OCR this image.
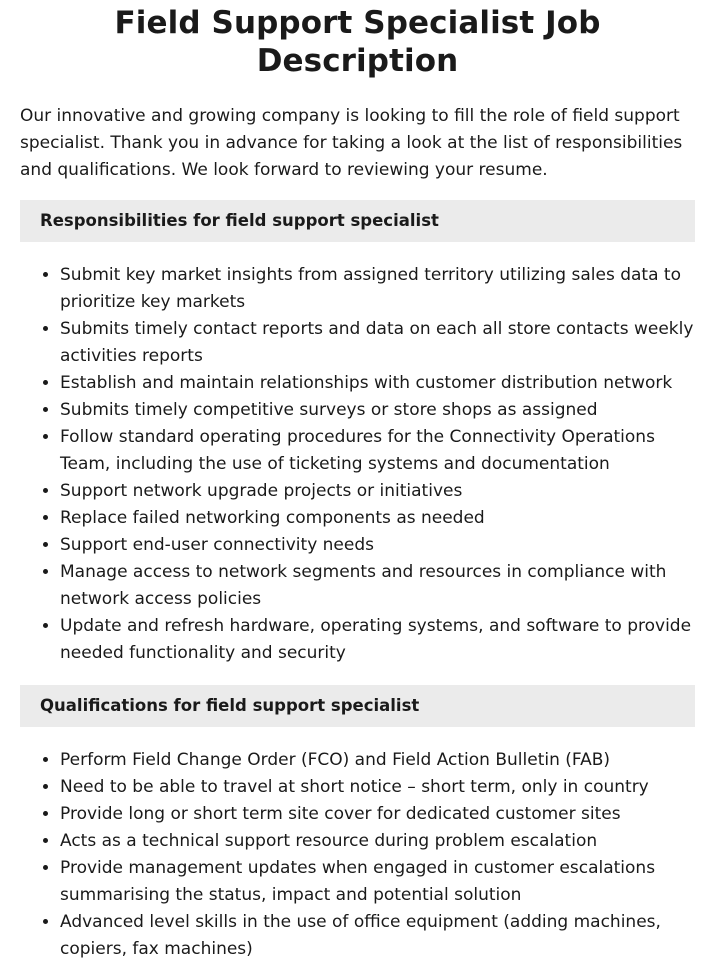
Field Support Specialist Job Description

Our innovative and growing company is looking to fill the role of field support specialist. Thank you in advance for taking a look at the list of responsibilities and qualifications. We look forward to reviewing your resume.

Responsibilities for field support specialist
• Submit key market insights from assigned territory utilizing sales data to prioritize key markets
• Submits timely contact reports and data on each all store contacts weekly activities reports
• Establish and maintain relationships with customer distribution network
• Submits timely competitive surveys or store shops as assigned
• Follow standard operating procedures for the Connectivity Operations Team, including the use of ticketing systems and documentation
• Support network upgrade projects or initiatives
• Replace failed networking components as needed
• Support end-user connectivity needs
• Manage access to network segments and resources in compliance with network access policies
• Update and refresh hardware, operating systems, and software to provide needed functionality and security
Qualifications for field support specialist
• Perform Field Change Order (FCO) and Field Action Bulletin (FAB)
• Need to be able to travel at short notice – short term, only in country
• Provide long or short term site cover for dedicated customer sites
• Acts as a technical support resource during problem escalation
• Provide management updates when engaged in customer escalations summarising the status, impact and potential solution
• Advanced level skills in the use of office equipment (adding machines, copiers, fax machines)
